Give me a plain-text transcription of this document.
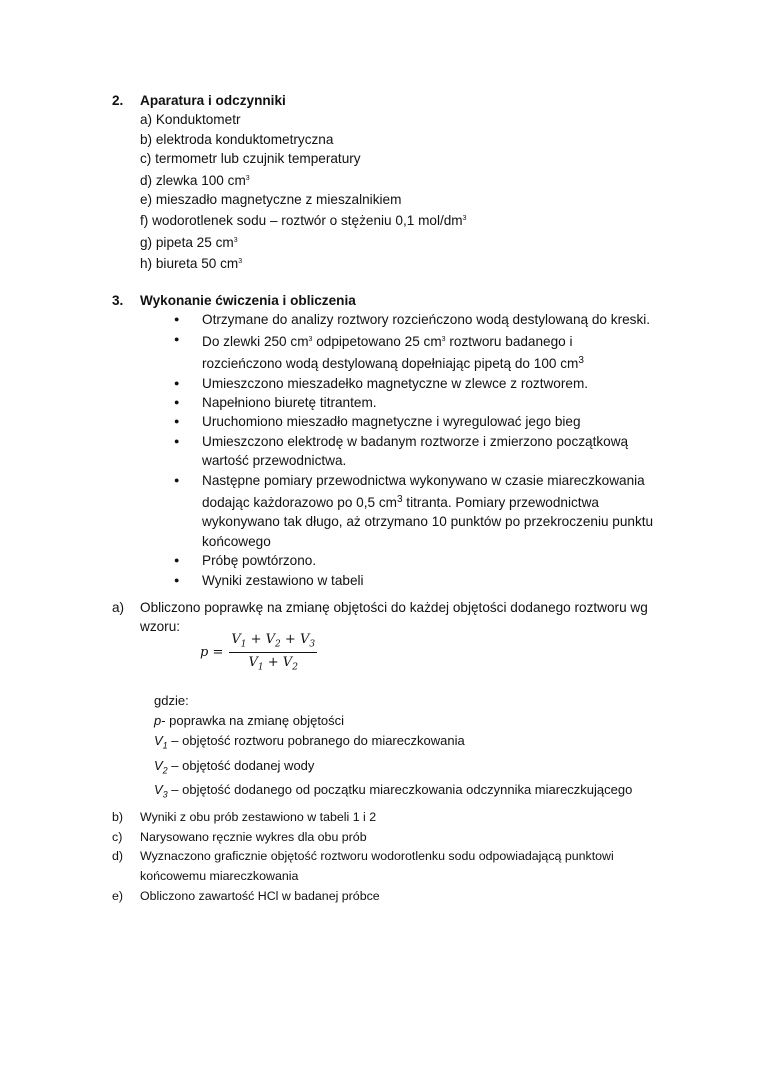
2. Aparatura i odczynniki
a) Konduktometr
b) elektroda konduktometryczna
c) termometr lub czujnik temperatury
d) zlewka 100 $cm^3$
e) mieszadło magnetyczne z mieszalnikiem
f) wodorotlenek sodu – roztwór o stężeniu 0,1 mol/$dm^3$
g) pipeta 25 $cm^3$
h) biureta 50 $cm^3$
3. Wykonanie ćwiczenia i obliczenia
● Otrzymane do analizy roztwory rozcieńczono wodą destylowaną do kreski.
● Do zlewki 250 $cm^3$ odpipetowano 25 $cm^3$ roztworu badanego i rozcieńczono wodą destylowaną dopełniając pipetą do 100 $cm^3$
● Umieszczono mieszadełko magnetyczne w zlewce z roztworem.
● Napełniono biuretę titrantem.
● Uruchomiono mieszadło magnetyczne i wyregulować jego bieg
● Umieszczono elektrodę w badanym roztworze i zmierzono początkową wartość przewodnictwa.
● Następne pomiary przewodnictwa wykonywano w czasie miareczkowania dodając każdorazowo po 0,5 $cm^3$ titranta. Pomiary przewodnictwa wykonywano tak długo, aż otrzymano 10 punktów po przekroczeniu punktu końcowego
● Próbę powtórzono.
● Wyniki zestawiono w tabeli
a)	Obliczono poprawkę na zmianę objętości do każdej objętości dodanego roztworu wg wzoru:
$p = \frac{V_1 + V_2 + V_3}{V_1 + V_2}$
gdzie:
p- poprawka na zmianę objętości
$V_1$ – objętość roztworu pobranego do miareczkowania
$V_2$ – objętość dodanej wody
$V_3$ – objętość dodanego od początku miareczkowania odczynnika miareczkującego
b)	Wyniki z obu prób zestawiono w tabeli 1 i 2
c)	Narysowano ręcznie wykres dla obu prób
d)	Wyznaczono graficznie objętość roztworu wodorotlenku sodu odpowiadającą punktowi końcowemu miareczkowania
e)	Obliczono zawartość HCl w badanej próbce
